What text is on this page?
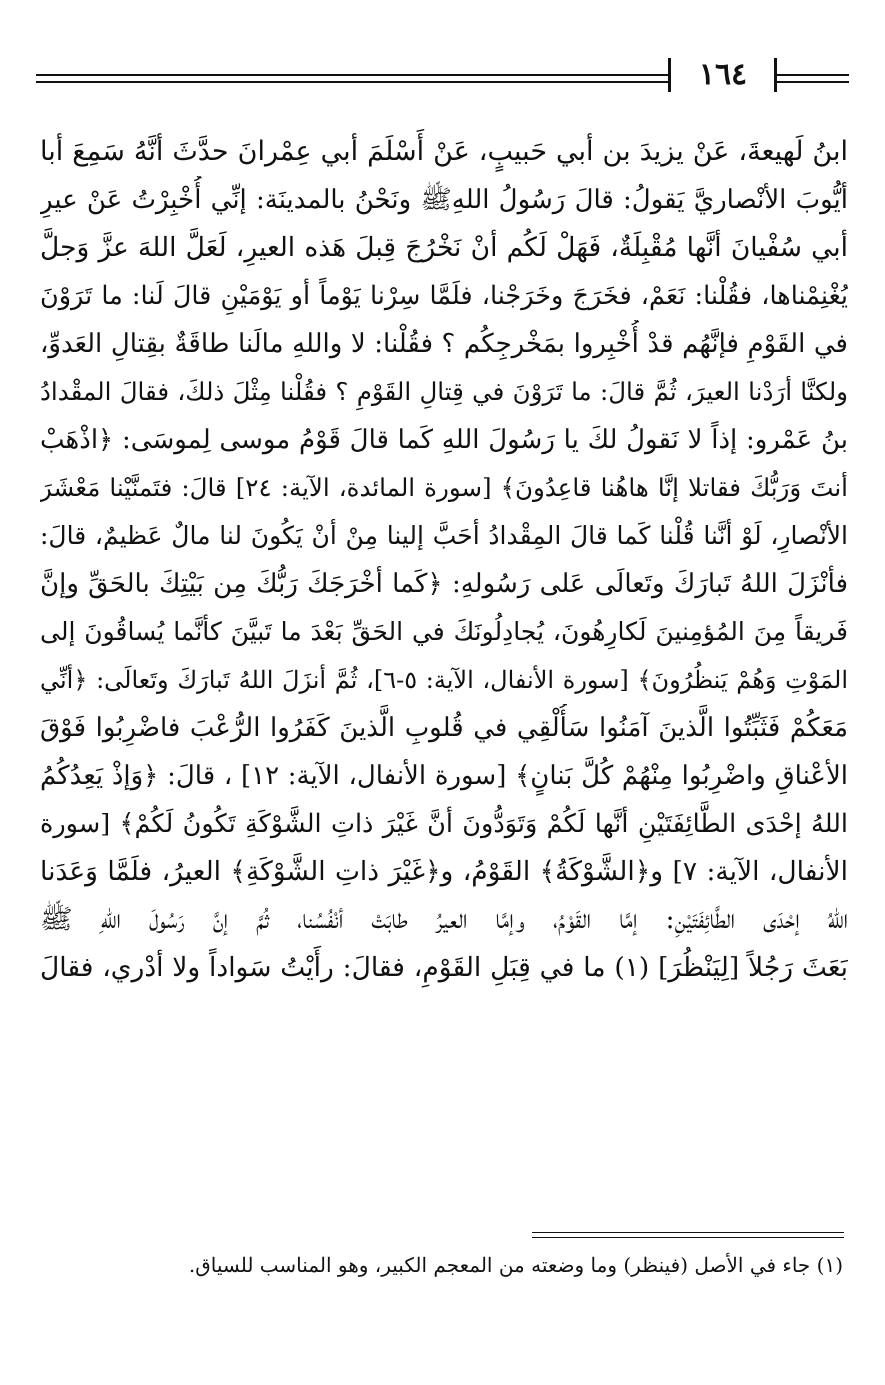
١٦٤
ابنُ لَهيعةَ، عَنْ يزيدَ بن أبي حَبيبٍ، عَنْ أَسْلَمَ أبي عِمْرانَ حدَّثَ أنَّهُ سَمِعَ أبا
أيُّوبَ الأنْصاريَّ يَقولُ: قالَ رَسُولُ اللهِﷺ ونَحْنُ بالمدينَة: إنِّي أُخْبِرْتُ عَنْ عيرِ
أبي سُفْيانَ أنَّها مُقْبِلَةٌ، فَهَلْ لَكُم أنْ نَخْرُجَ قِبلَ هَذه العيرِ، لَعَلَّ اللهَ عزَّ وَجلَّ
يُغْنِمْناها، فقُلْنا: نَعَمْ، فخَرَجَ وخَرَجْنا، فلَمَّا سِرْنا يَوْماً أو يَوْمَيْنِ قالَ لَنا: ما تَرَوْنَ
في القَوْمِ فإنَّهُم قدْ أُخْبِروا بمَخْرجِكُم ؟ فقُلْنا: لا واللهِ مالَنا طاقَةٌ بقِتالِ العَدوِّ،
ولكنَّا أرَدْنا العيرَ، ثُمَّ قالَ: ما تَرَوْنَ في قِتالِ القَوْمِ ؟ فقُلْنا مِثْلَ ذلكَ، فقالَ المقْدادُ
بنُ عَمْرو: إذاً لا نَقولُ لكَ يا رَسُولَ اللهِ كَما قالَ قَوْمُ موسى لِموسَى: ﴿اذْهَبْ
أنتَ وَرَبُّكَ فقاتلا إنَّا هاهُنا قاعِدُونَ﴾ [سورة المائدة، الآية: ٢٤] قالَ: فتَمنَّيْنا مَعْشَرَ
الأنْصارِ، لَوْ أنَّنا قُلْنا كَما قالَ المِقْدادُ أحَبَّ إلينا مِنْ أنْ يَكُونَ لنا مالٌ عَظيمٌ، قالَ:
فأنْزَلَ اللهُ تَبارَكَ وتَعالَى عَلى رَسُولهِ: ﴿كَما أخْرَجَكَ رَبُّكَ مِن بَيْتِكَ بالحَقِّ وإنَّ
فَريقاً مِنَ المُؤمِنينَ لَكارِهُونَ، يُجادِلُونَكَ في الحَقِّ بَعْدَ ما تَبيَّنَ كأنَّما يُساقُونَ إلى
المَوْتِ وَهُمْ يَنظُرُونَ﴾ [سورة الأنفال، الآية: ٥-٦]، ثُمَّ أنزَلَ اللهُ تَبارَكَ وتَعالَى: ﴿أنِّي
مَعَكُمْ فَثَبِّتُوا الَّذينَ آمَنُوا سَأُلْقِي في قُلوبِ الَّذينَ كَفَرُوا الرُّعْبَ فاضْرِبُوا فَوْقَ
الأعْناقِ واضْرِبُوا مِنْهُمْ كُلَّ بَنانٍ﴾ [سورة الأنفال، الآية: ١٢] ، قالَ: ﴿وَإذْ يَعِدُكُمُ
اللهُ إحْدَى الطَّائِفَتَيْنِ أنَّها لَكُمْ وَتَوَدُّونَ أنَّ غَيْرَ ذاتِ الشَّوْكَةِ تَكُونُ لَكُمْ﴾ [سورة
الأنفال، الآية: ٧] و﴿الشَّوْكَةُ﴾ القَوْمُ، و﴿غَيْرَ ذاتِ الشَّوْكَةِ﴾ العيرُ، فلَمَّا وَعَدَنا
اللهُ إحْدَى الطَّائِفَتَيْنِ: إمَّا القَوْمُ، وإمَّا العيرُ طابَتْ أنْفُسُنا، ثُمَّ إنَّ رَسُولَ اللهِ ﷺ
بَعَثَ رَجُلاً [لِيَنْظُرَ] (١) ما في قِبَلِ القَوْمِ، فقالَ: رأَيْتُ سَواداً ولا أدْري، فقالَ
(١) جاء في الأصل (فينظر) وما وضعته من المعجم الكبير، وهو المناسب للسياق.
